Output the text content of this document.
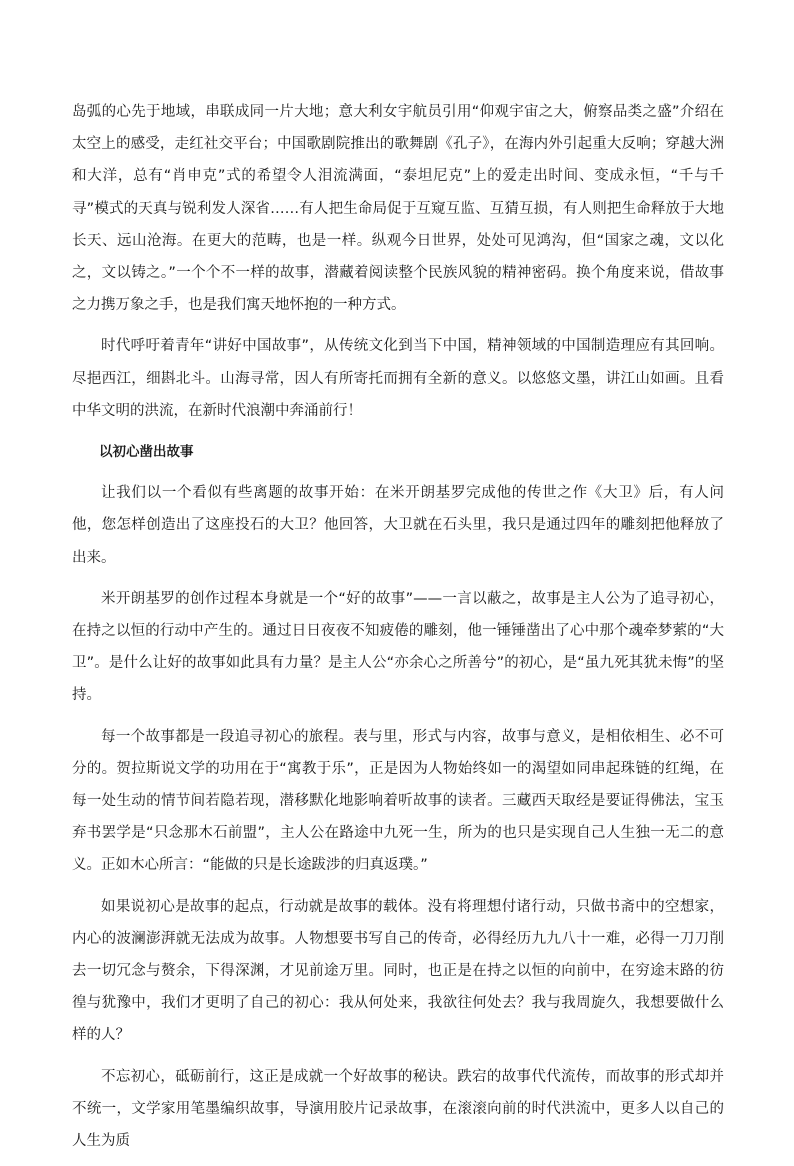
岛弧的心先于地域，串联成同一片大地；意大利女宇航员引用“仰观宇宙之大，俯察品类之盛”介绍在太空上的感受，走红社交平台；中国歌剧院推出的歌舞剧《孔子》，在海内外引起重大反响；穿越大洲和大洋，总有“肖申克”式的希望令人泪流满面，“泰坦尼克”上的爱走出时间、变成永恒，“千与千寻”模式的天真与锐利发人深省……有人把生命局促于互窥互监、互猜互损，有人则把生命释放于大地长天、远山沧海。在更大的范畴，也是一样。纵观今日世界，处处可见鸿沟，但“国家之魂，文以化之，文以铸之。”一个个不一样的故事，潜藏着阅读整个民族风貌的精神密码。换个角度来说，借故事之力携万象之手，也是我们寓天地怀抱的一种方式。

时代呼吁着青年“讲好中国故事”，从传统文化到当下中国，精神领域的中国制造理应有其回响。尽挹西江，细斟北斗。山海寻常，因人有所寄托而拥有全新的意义。以悠悠文墨，讲江山如画。且看中华文明的洪流，在新时代浪潮中奔涌前行！

以初心凿出故事

让我们以一个看似有些离题的故事开始：在米开朗基罗完成他的传世之作《大卫》后，有人问他，您怎样创造出了这座投石的大卫？他回答，大卫就在石头里，我只是通过四年的雕刻把他释放了出来。

米开朗基罗的创作过程本身就是一个“好的故事”——一言以蔽之，故事是主人公为了追寻初心，在持之以恒的行动中产生的。通过日日夜夜不知疲倦的雕刻，他一锤锤凿出了心中那个魂牵梦萦的“大卫”。是什么让好的故事如此具有力量？是主人公“亦余心之所善兮”的初心，是“虽九死其犹未悔”的坚持。

每一个故事都是一段追寻初心的旅程。表与里，形式与内容，故事与意义，是相依相生、必不可分的。贺拉斯说文学的功用在于“寓教于乐”，正是因为人物始终如一的渴望如同串起珠链的红绳，在每一处生动的情节间若隐若现，潜移默化地影响着听故事的读者。三藏西天取经是要证得佛法，宝玉弃书罢学是“只念那木石前盟”，主人公在路途中九死一生，所为的也只是实现自己人生独一无二的意义。正如木心所言：“能做的只是长途跋涉的归真返璞。”

如果说初心是故事的起点，行动就是故事的载体。没有将理想付诸行动，只做书斋中的空想家，内心的波澜澎湃就无法成为故事。人物想要书写自己的传奇，必得经历九九八十一难，必得一刀刀削去一切冗念与赘余，下得深渊，才见前途万里。同时，也正是在持之以恒的向前中，在穷途末路的彷徨与犹豫中，我们才更明了自己的初心：我从何处来，我欲往何处去？我与我周旋久，我想要做什么样的人？

不忘初心，砥砺前行，这正是成就一个好故事的秘诀。跌宕的故事代代流传，而故事的形式却并不统一，文学家用笔墨编织故事，导演用胶片记录故事，在滚滚向前的时代洪流中，更多人以自己的人生为质
